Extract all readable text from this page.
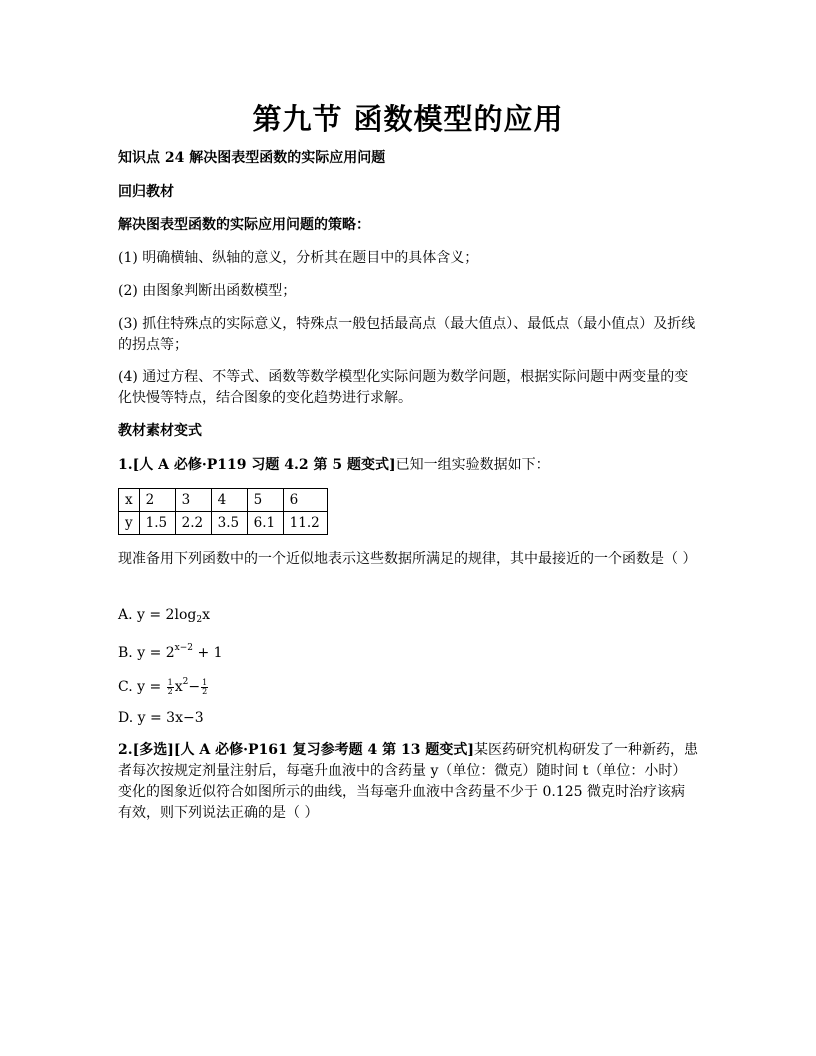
第九节 函数模型的应用

知识点 24 解决图表型函数的实际应用问题

回归教材

解决图表型函数的实际应用问题的策略：

(1) 明确横轴、纵轴的意义，分析其在题目中的具体含义；

(2) 由图象判断出函数模型；

(3) 抓住特殊点的实际意义，特殊点一般包括最高点（最大值点）、最低点（最小值点）及折线的拐点等；

(4) 通过方程、不等式、函数等数学模型化实际问题为数学问题，根据实际问题中两变量的变化快慢等特点，结合图象的变化趋势进行求解。

教材素材变式

1.[人 A 必修·P119 习题 4.2 第 5 题变式]已知一组实验数据如下：

x	2	3	4	5	6
y	1.5	2.2	3.5	6.1	11.2

现准备用下列函数中的一个近似地表示这些数据所满足的规律，其中最接近的一个函数是（ ）

A. $y = 2\log_2x$
B. $y = 2^{x-2} + 1$
C. $y = \frac{1}{2} x^2- \frac{1}{2}$
D. y = 3x−3

2.[多选][人 A 必修·P161 复习参考题 4 第 13 题变式]某医药研究机构研发了一种新药，患者每次按规定剂量注射后，每毫升血液中的含药量 y（单位：微克）随时间 t（单位：小时）变化的图象近似符合如图所示的曲线，当每毫升血液中含药量不少于 0.125 微克时治疗该病有效，则下列说法正确的是（ ）
